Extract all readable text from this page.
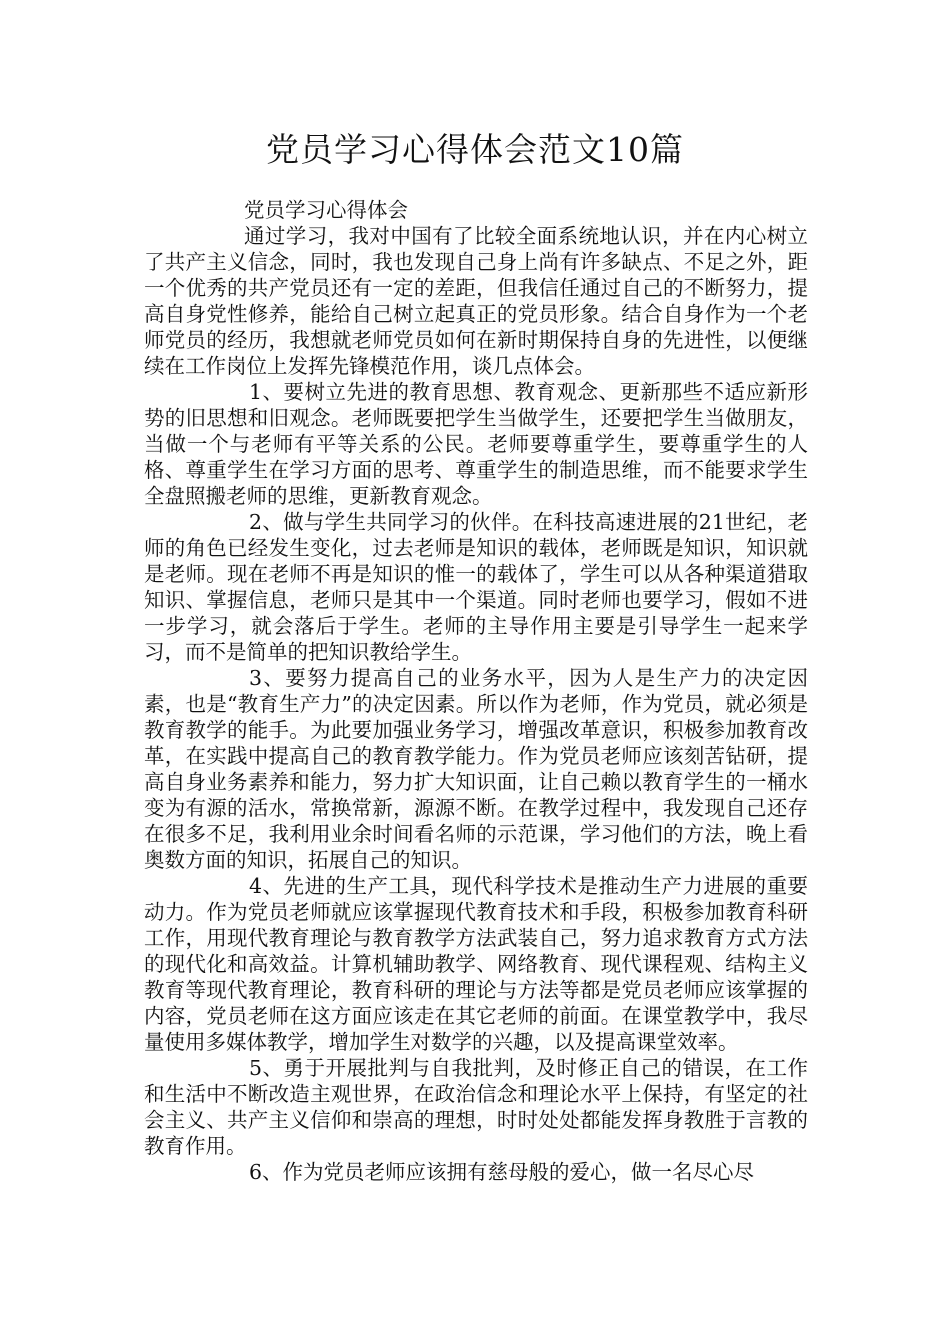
党员学习心得体会范文10篇

党员学习心得体会

通过学习，我对中国有了比较全面系统地认识，并在内心树立了共产主义信念，同时，我也发现自己身上尚有许多缺点、不足之外，距一个优秀的共产党员还有一定的差距，但我信任通过自己的不断努力，提高自身党性修养，能给自己树立起真正的党员形象。结合自身作为一个老师党员的经历，我想就老师党员如何在新时期保持自身的先进性，以便继续在工作岗位上发挥先锋模范作用，谈几点体会。

1、要树立先进的教育思想、教育观念、更新那些不适应新形势的旧思想和旧观念。老师既要把学生当做学生，还要把学生当做朋友，当做一个与老师有平等关系的公民。老师要尊重学生，要尊重学生的人格、尊重学生在学习方面的思考、尊重学生的制造思维，而不能要求学生全盘照搬老师的思维，更新教育观念。

2、做与学生共同学习的伙伴。在科技高速进展的21世纪，老师的角色已经发生变化，过去老师是知识的载体，老师既是知识，知识就是老师。现在老师不再是知识的惟一的载体了，学生可以从各种渠道猎取知识、掌握信息，老师只是其中一个渠道。同时老师也要学习，假如不进一步学习，就会落后于学生。老师的主导作用主要是引导学生一起来学习，而不是简单的把知识教给学生。

3、要努力提高自己的业务水平，因为人是生产力的决定因素，也是“教育生产力”的决定因素。所以作为老师，作为党员，就必须是教育教学的能手。为此要加强业务学习，增强改革意识，积极参加教育改革，在实践中提高自己的教育教学能力。作为党员老师应该刻苦钻研，提高自身业务素养和能力，努力扩大知识面，让自己赖以教育学生的一桶水变为有源的活水，常换常新，源源不断。在教学过程中，我发现自己还存在很多不足，我利用业余时间看名师的示范课，学习他们的方法，晚上看奥数方面的知识，拓展自己的知识。

4、先进的生产工具，现代科学技术是推动生产力进展的重要动力。作为党员老师就应该掌握现代教育技术和手段，积极参加教育科研工作，用现代教育理论与教育教学方法武装自己，努力追求教育方式方法的现代化和高效益。计算机辅助教学、网络教育、现代课程观、结构主义教育等现代教育理论，教育科研的理论与方法等都是党员老师应该掌握的内容，党员老师在这方面应该走在其它老师的前面。在课堂教学中，我尽量使用多媒体教学，增加学生对数学的兴趣，以及提高课堂效率。

5、勇于开展批判与自我批判，及时修正自己的错误，在工作和生活中不断改造主观世界，在政治信念和理论水平上保持，有坚定的社会主义、共产主义信仰和崇高的理想，时时处处都能发挥身教胜于言教的教育作用。

6、作为党员老师应该拥有慈母般的爱心，做一名尽心尽
